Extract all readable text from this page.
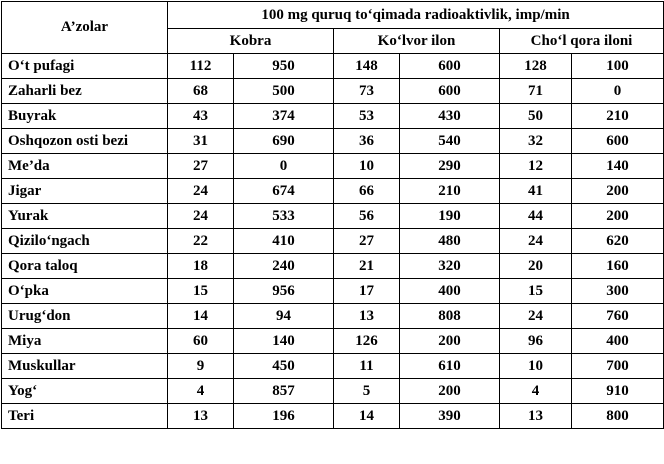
A’zolar	100 mg quruq to‘qimada radioaktivlik, imp/min					
	Kobra		Ko‘lvor ilon		Cho‘l qora iloni	
O‘t pufagi	112	950	148	600	128	100
Zaharli bez	68	500	73	600	71	0
Buyrak	43	374	53	430	50	210
Oshqozon osti bezi	31	690	36	540	32	600
Me’da	27	0	10	290	12	140
Jigar	24	674	66	210	41	200
Yurak	24	533	56	190	44	200
Qizilo‘ngach	22	410	27	480	24	620
Qora taloq	18	240	21	320	20	160
O‘pka	15	956	17	400	15	300
Urug‘don	14	94	13	808	24	760
Miya	60	140	126	200	96	400
Muskullar	9	450	11	610	10	700
Yog‘	4	857	5	200	4	910
Teri	13	196	14	390	13	800
